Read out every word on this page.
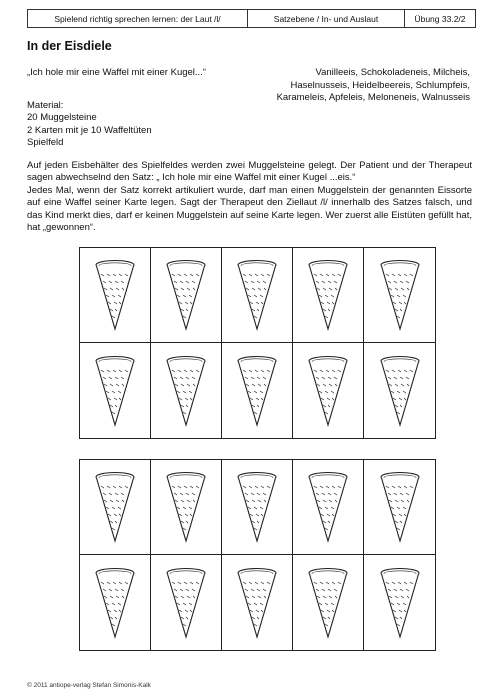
Spielend richtig sprechen lernen: der Laut /l/	Satzebene / In- und Auslaut	Übung 33.2/2
In der Eisdiele
„Ich hole mir eine Waffel mit einer Kugel...“	Vanilleeis, Schokoladeneis, Milcheis,
Haselnusseis, Heidelbeereis, Schlumpfeis,
Karameleis, Apfeleis, Meloneneis, Walnusseis
Material:
20 Muggelsteine
2 Karten mit je 10 Waffeltüten
Spielfeld

Auf jeden Eisbehälter des Spielfeldes werden zwei Muggelsteine gelegt. Der Patient und der Therapeut sagen abwechselnd den Satz: „ Ich hole mir eine Waffel mit einer Kugel ...eis.“

Jedes Mal, wenn der Satz korrekt artikuliert wurde, darf man einen Muggelstein der genannten Eissorte auf eine Waffel seiner Karte legen. Sagt der Therapeut den Ziellaut /l/ innerhalb des Satzes falsch, und das Kind merkt dies, darf er keinen Muggelstein auf seine Karte legen. Wer zuerst alle Eistüten gefüllt hat, hat „gewonnen“.

© 2011 antiope-verlag Stefan Simonis-Kalk
